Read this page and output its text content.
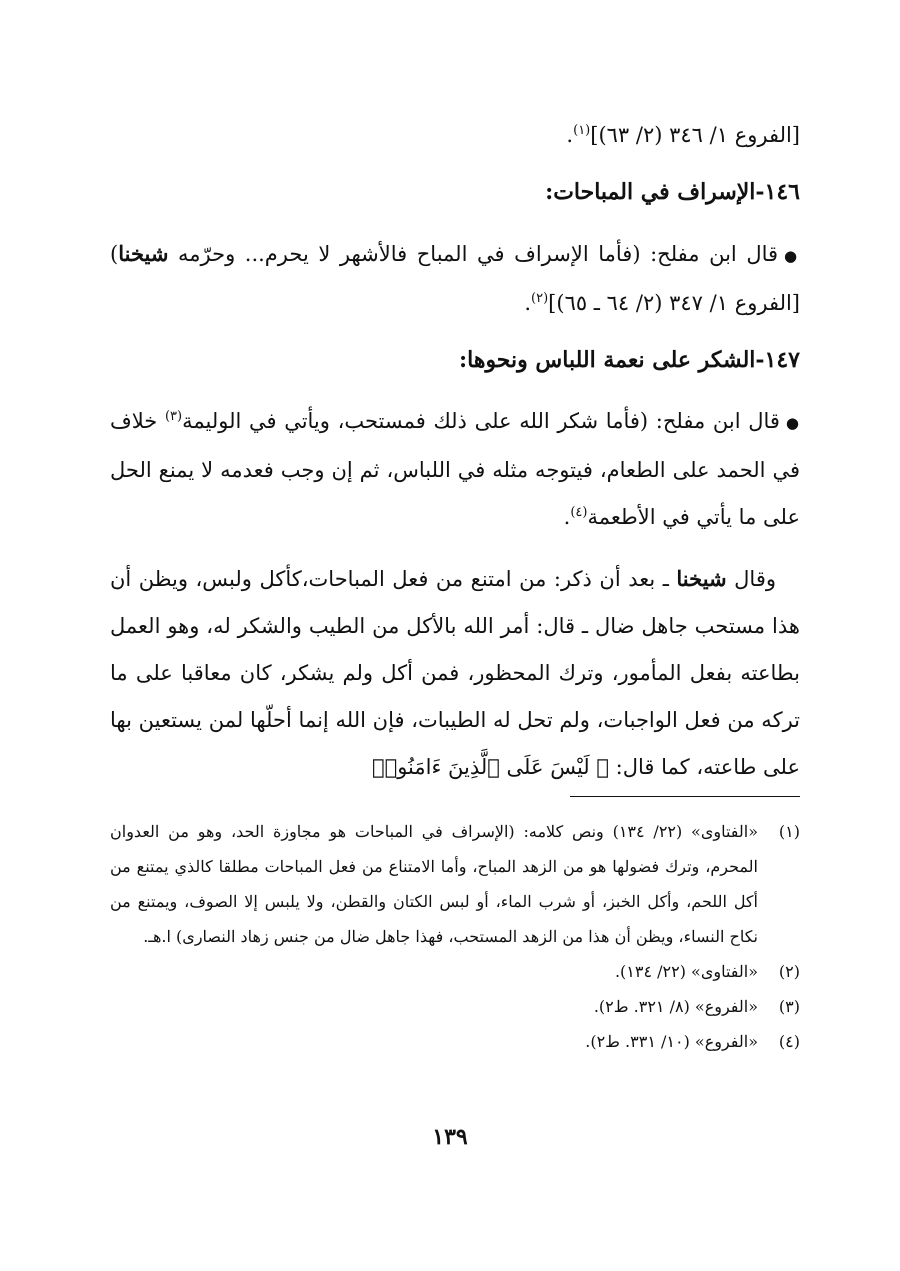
[الفروع ١/ ٣٤٦ (٢/ ٦٣)]$^{(١)}$.

١٤٦-الإسراف في المباحات:

●قال ابن مفلح: (فأما الإسراف في المباح فالأشهر لا يحرم... وحرّمه شيخنا) [الفروع ١/ ٣٤٧ (٢/ ٦٤ ـ ٦٥)]$^{(٢)}$.

١٤٧-الشكر على نعمة اللباس ونحوها:

●قال ابن مفلح: (فأما شكر الله على ذلك فمستحب، ويأتي في الوليمة$^{(٣)}$ خلاف في الحمد على الطعام، فيتوجه مثله في اللباس، ثم إن وجب فعدمه لا يمنع الحل على ما يأتي في الأطعمة$^{(٤)}$.

وقال شيخنا ـ بعد أن ذكر: من امتنع من فعل المباحات،كأكل ولبس، ويظن أن هذا مستحب جاهل ضال ـ قال: أمر الله بالأكل من الطيب والشكر له، وهو العمل بطاعته بفعل المأمور، وترك المحظور، فمن أكل ولم يشكر، كان معاقبا على ما تركه من فعل الواجبات، ولم تحل له الطيبات، فإن الله إنما أحلّها لمن يستعين بها على طاعته، كما قال: ﴿ لَيْسَ عَلَى ٱلَّذِينَ ءَامَنُوا۟

(١)
«الفتاوى» (٢٢/ ١٣٤) ونص كلامه: (الإسراف في المباحات هو مجاوزة الحد، وهو من العدوان المحرم، وترك فضولها هو من الزهد المباح، وأما الامتناع من فعل المباحات مطلقا كالذي يمتنع من أكل اللحم، وأكل الخبز، أو شرب الماء، أو لبس الكتان والقطن، ولا يلبس إلا الصوف، ويمتنع من نكاح النساء، ويظن أن هذا من الزهد المستحب، فهذا جاهل ضال من جنس زهاد النصارى) ا.هـ.

(٢)
«الفتاوى» (٢٢/ ١٣٤).

(٣)
«الفروع» (٨/ ٣٢١. ط٢).

(٤)
«الفروع» (١٠/ ٣٣١. ط٢).

١٣٩
